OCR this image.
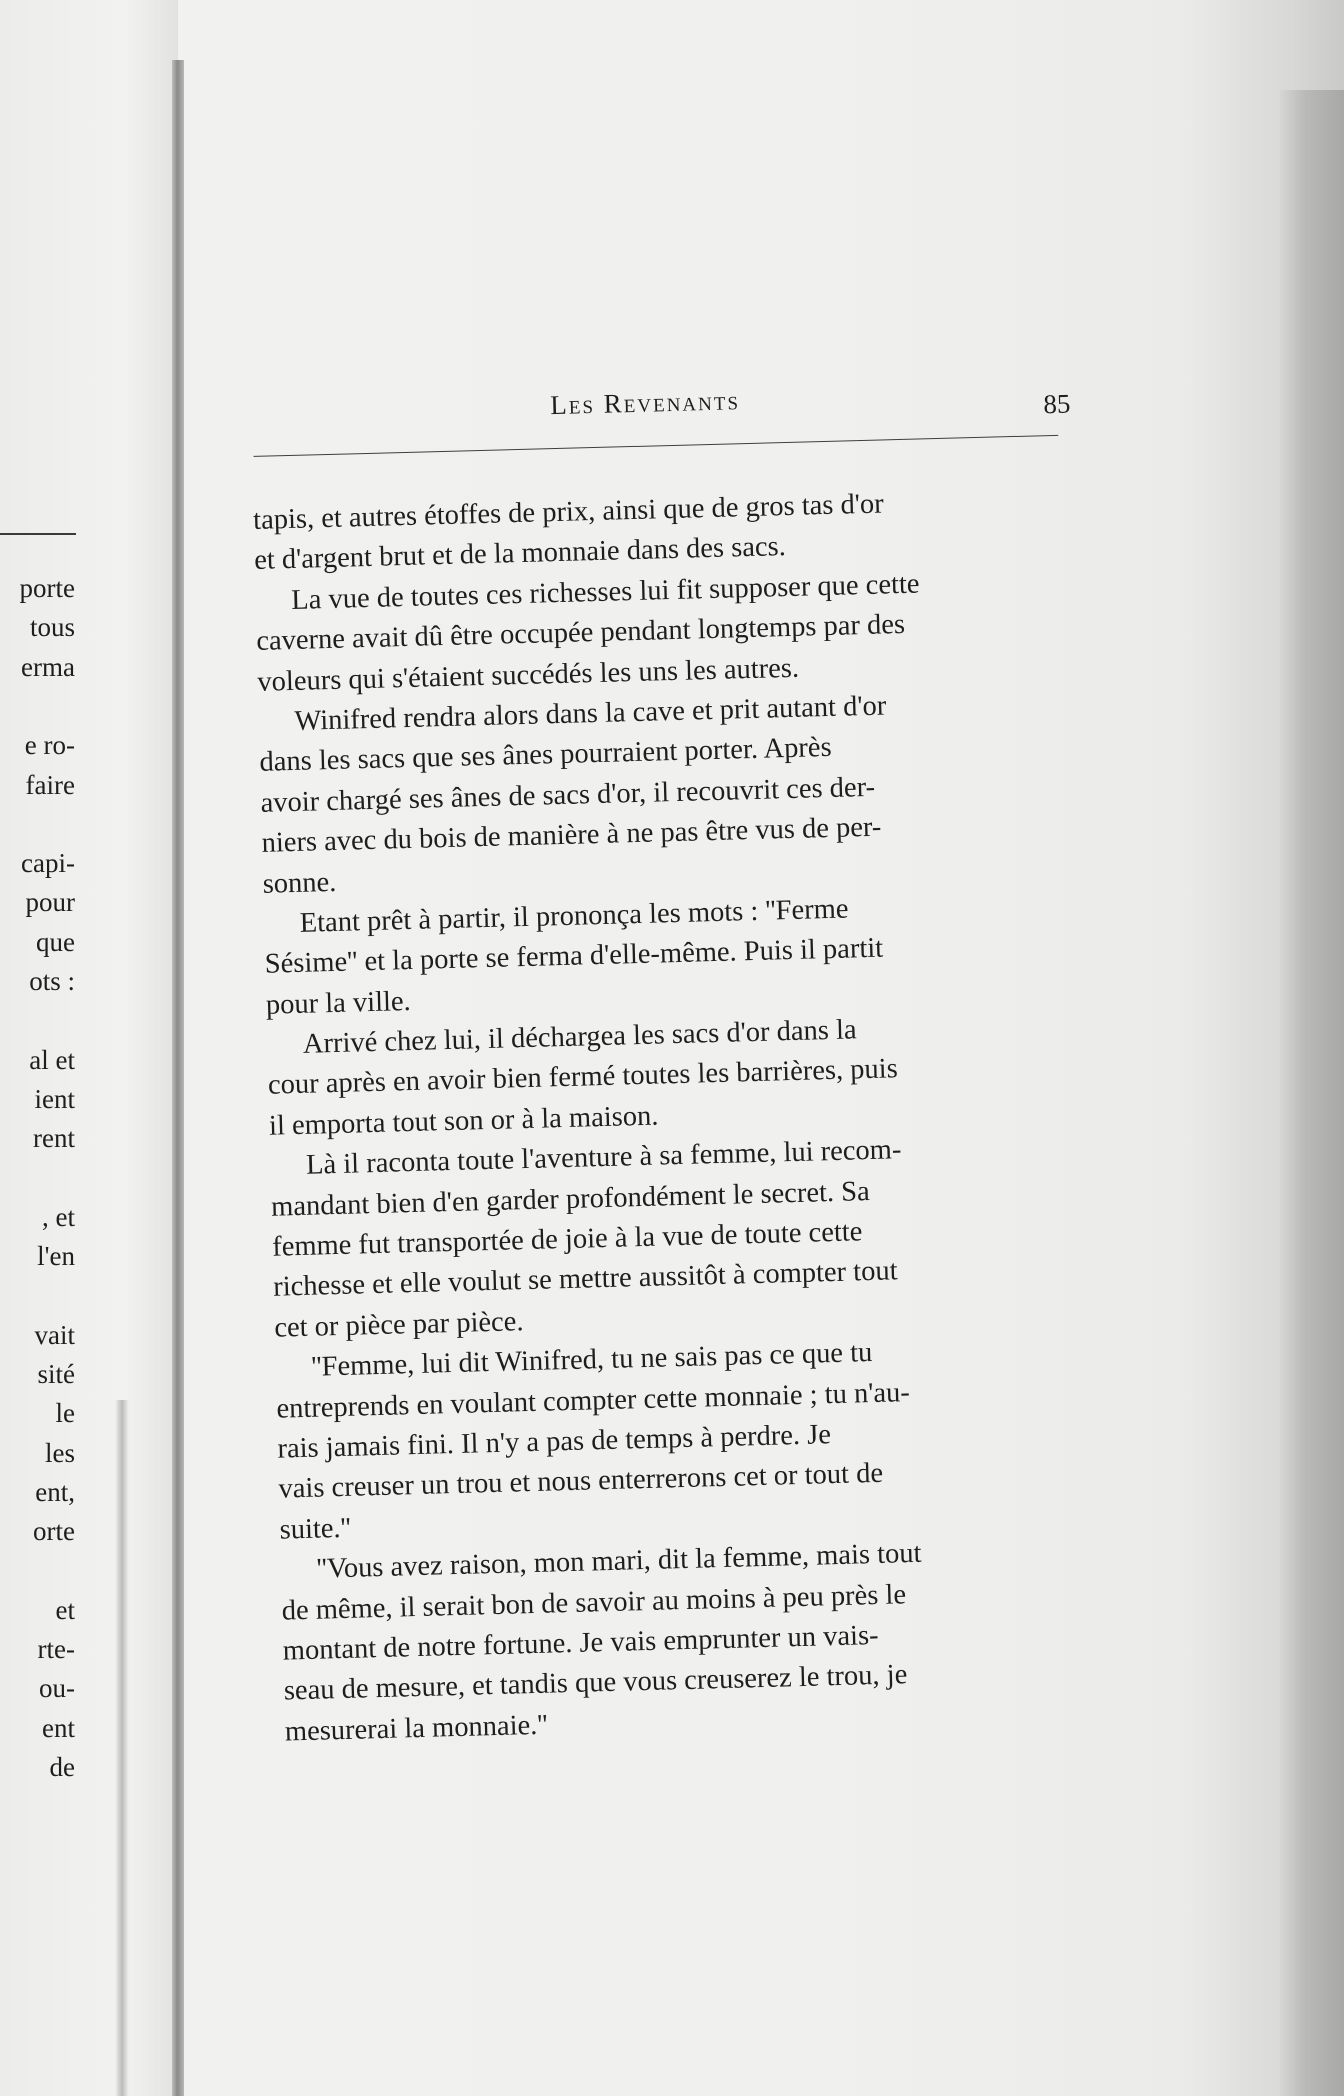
porte
tous
erma
e ro-
faire
capi-
pour
que
ots :
al et
ient
rent
, et
l'en
vait
sité
le
les
ent,
orte
et
rte-
ou-
ent
de
Les Revenants	85
tapis, et autres étoffes de prix, ainsi que de gros tas d'or
et d'argent brut et de la monnaie dans des sacs.
La vue de toutes ces richesses lui fit supposer que cette
caverne avait dû être occupée pendant longtemps par des
voleurs qui s'étaient succédés les uns les autres.
Winifred rendra alors dans la cave et prit autant d'or
dans les sacs que ses ânes pourraient porter. Après
avoir chargé ses ânes de sacs d'or, il recouvrit ces der-
niers avec du bois de manière à ne pas être vus de per-
sonne.
Etant prêt à partir, il prononça les mots : ''Ferme
Sésime'' et la porte se ferma d'elle-même. Puis il partit
pour la ville.
Arrivé chez lui, il déchargea les sacs d'or dans la
cour après en avoir bien fermé toutes les barrières, puis
il emporta tout son or à la maison.
Là il raconta toute l'aventure à sa femme, lui recom-
mandant bien d'en garder profondément le secret. Sa
femme fut transportée de joie à la vue de toute cette
richesse et elle voulut se mettre aussitôt à compter tout
cet or pièce par pièce.
''Femme, lui dit Winifred, tu ne sais pas ce que tu
entreprends en voulant compter cette monnaie ; tu n'au-
rais jamais fini. Il n'y a pas de temps à perdre. Je
vais creuser un trou et nous enterrerons cet or tout de
suite.''
''Vous avez raison, mon mari, dit la femme, mais tout
de même, il serait bon de savoir au moins à peu près le
montant de notre fortune. Je vais emprunter un vais-
seau de mesure, et tandis que vous creuserez le trou, je
mesurerai la monnaie.''
